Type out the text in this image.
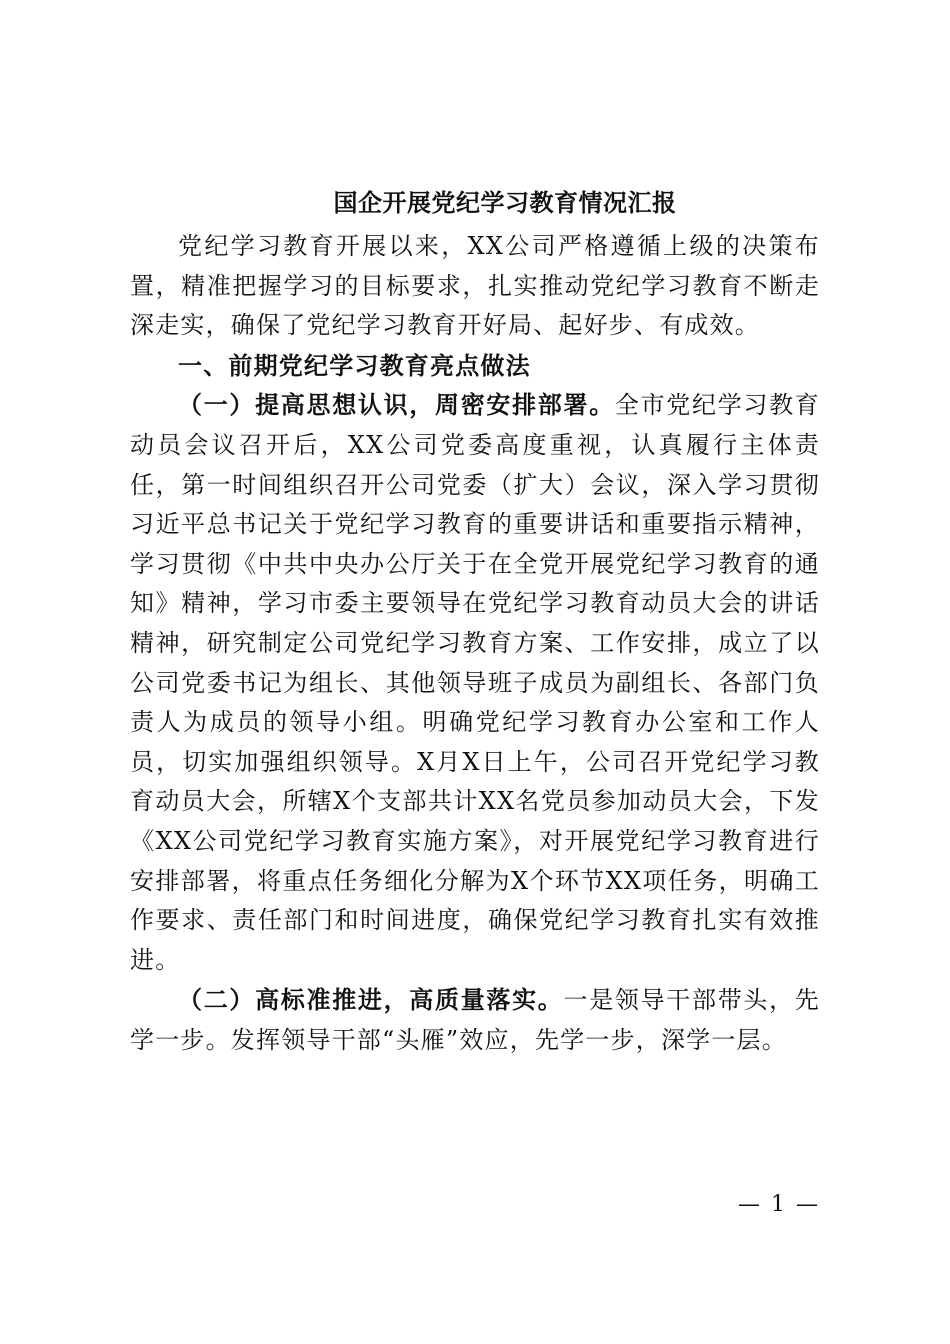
国企开展党纪学习教育情况汇报

党纪学习教育开展以来，XX公司严格遵循上级的决策布置，精准把握学习的目标要求，扎实推动党纪学习教育不断走深走实，确保了党纪学习教育开好局、起好步、有成效。

一、前期党纪学习教育亮点做法

（一）提高思想认识，周密安排部署。全市党纪学习教育动员会议召开后，XX公司党委高度重视，认真履行主体责任，第一时间组织召开公司党委（扩大）会议，深入学习贯彻习近平总书记关于党纪学习教育的重要讲话和重要指示精神，学习贯彻《中共中央办公厅关于在全党开展党纪学习教育的通知》精神，学习市委主要领导在党纪学习教育动员大会的讲话精神，研究制定公司党纪学习教育方案、工作安排，成立了以公司党委书记为组长、其他领导班子成员为副组长、各部门负责人为成员的领导小组。明确党纪学习教育办公室和工作人员，切实加强组织领导。X月X日上午，公司召开党纪学习教育动员大会，所辖X个支部共计XX名党员参加动员大会，下发《XX公司党纪学习教育实施方案》，对开展党纪学习教育进行安排部署，将重点任务细化分解为X个环节XX项任务，明确工作要求、责任部门和时间进度，确保党纪学习教育扎实有效推进。

（二）高标准推进，高质量落实。一是领导干部带头，先学一步。发挥领导干部“头雁”效应，先学一步，深学一层。

— 1 —
